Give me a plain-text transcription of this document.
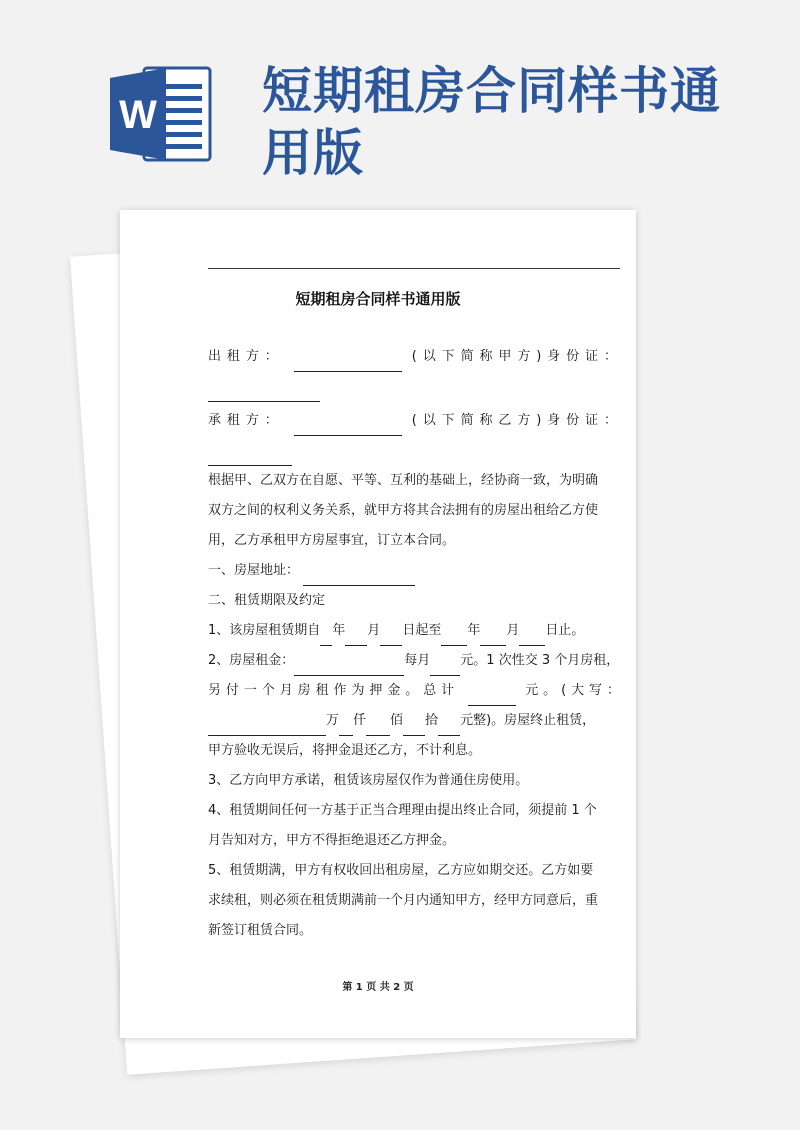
W 短期租房合同样书通用版
短期租房合同样书通用版
出租方：	(以下简称甲方)身份证：
承租方：	(以下简称乙方)身份证：
根据甲、乙双方在自愿、平等、互利的基础上，经协商一致，为明确
双方之间的权利义务关系，就甲方将其合法拥有的房屋出租给乙方使
用，乙方承租甲方房屋事宜，订立本合同。
一、房屋地址：
二、租赁期限及约定
1、该房屋租赁期自 年 月 日起至 年 月 日止。
2、房屋租金：	每月 元。1 次性交 3 个月房租，
另付一个月房租作为押金。总计	元。(大写：
万 仟 佰 拾 元整)。房屋终止租赁，
甲方验收无误后，将押金退还乙方，不计利息。
3、乙方向甲方承诺，租赁该房屋仅作为普通住房使用。
4、租赁期间任何一方基于正当合理理由提出终止合同，须提前 1 个
月告知对方，甲方不得拒绝退还乙方押金。
5、租赁期满，甲方有权收回出租房屋，乙方应如期交还。乙方如要
求续租，则必须在租赁期满前一个月内通知甲方，经甲方同意后，重
新签订租赁合同。
第 1 页 共 2 页
